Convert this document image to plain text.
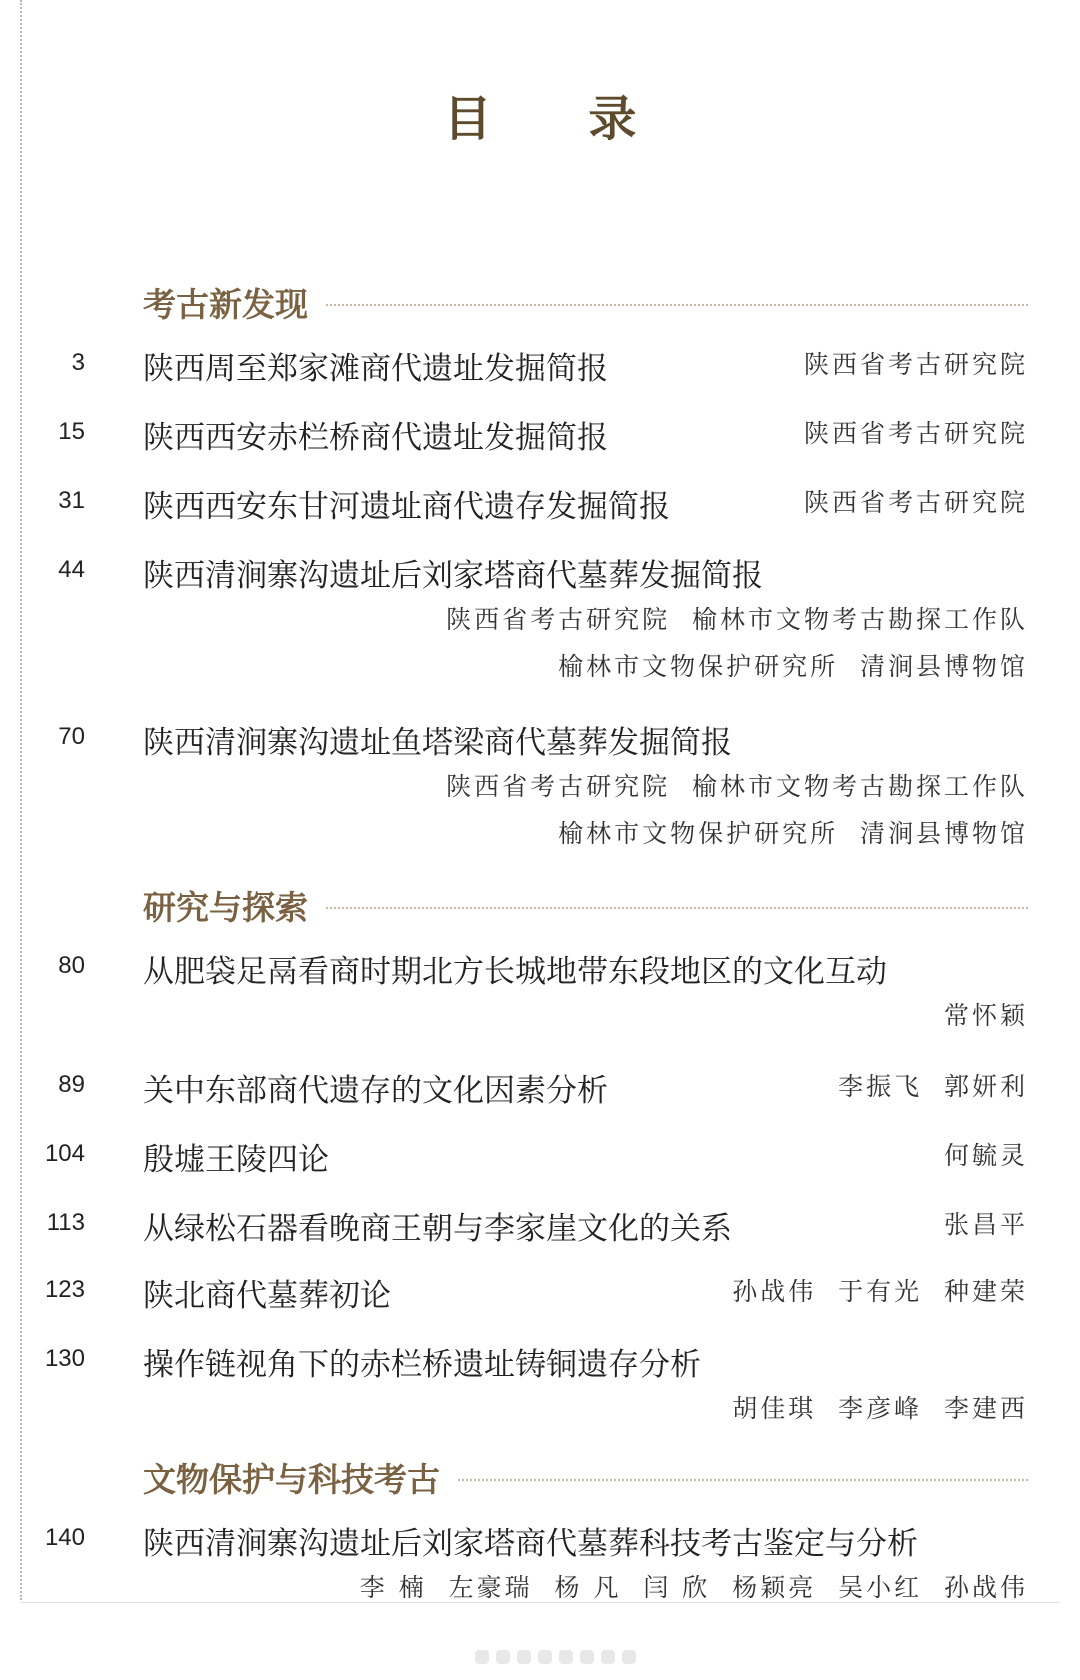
目 录
考古新发现
3 陕西周至郑家滩商代遗址发掘简报	陕西省考古研究院
15 陕西西安赤栏桥商代遗址发掘简报	陕西省考古研究院
31 陕西西安东甘河遗址商代遗存发掘简报	陕西省考古研究院
44 陕西清涧寨沟遗址后刘家塔商代墓葬发掘简报
陕西省考古研究院  榆林市文物考古勘探工作队
榆林市文物保护研究所  清涧县博物馆
70 陕西清涧寨沟遗址鱼塔梁商代墓葬发掘简报
陕西省考古研究院  榆林市文物考古勘探工作队
榆林市文物保护研究所  清涧县博物馆
研究与探索
80 从肥袋足鬲看商时期北方长城地带东段地区的文化互动
常怀颖
89 关中东部商代遗存的文化因素分析	李振飞  郭妍利
104 殷墟王陵四论	何毓灵
113 从绿松石器看晚商王朝与李家崖文化的关系	张昌平
123 陕北商代墓葬初论	孙战伟  于有光  种建荣
130 操作链视角下的赤栏桥遗址铸铜遗存分析
胡佳琪  李彦峰  李建西
文物保护与科技考古
140 陕西清涧寨沟遗址后刘家塔商代墓葬科技考古鉴定与分析
李 楠  左豪瑞  杨 凡  闫 欣  杨颖亮  吴小红  孙战伟
